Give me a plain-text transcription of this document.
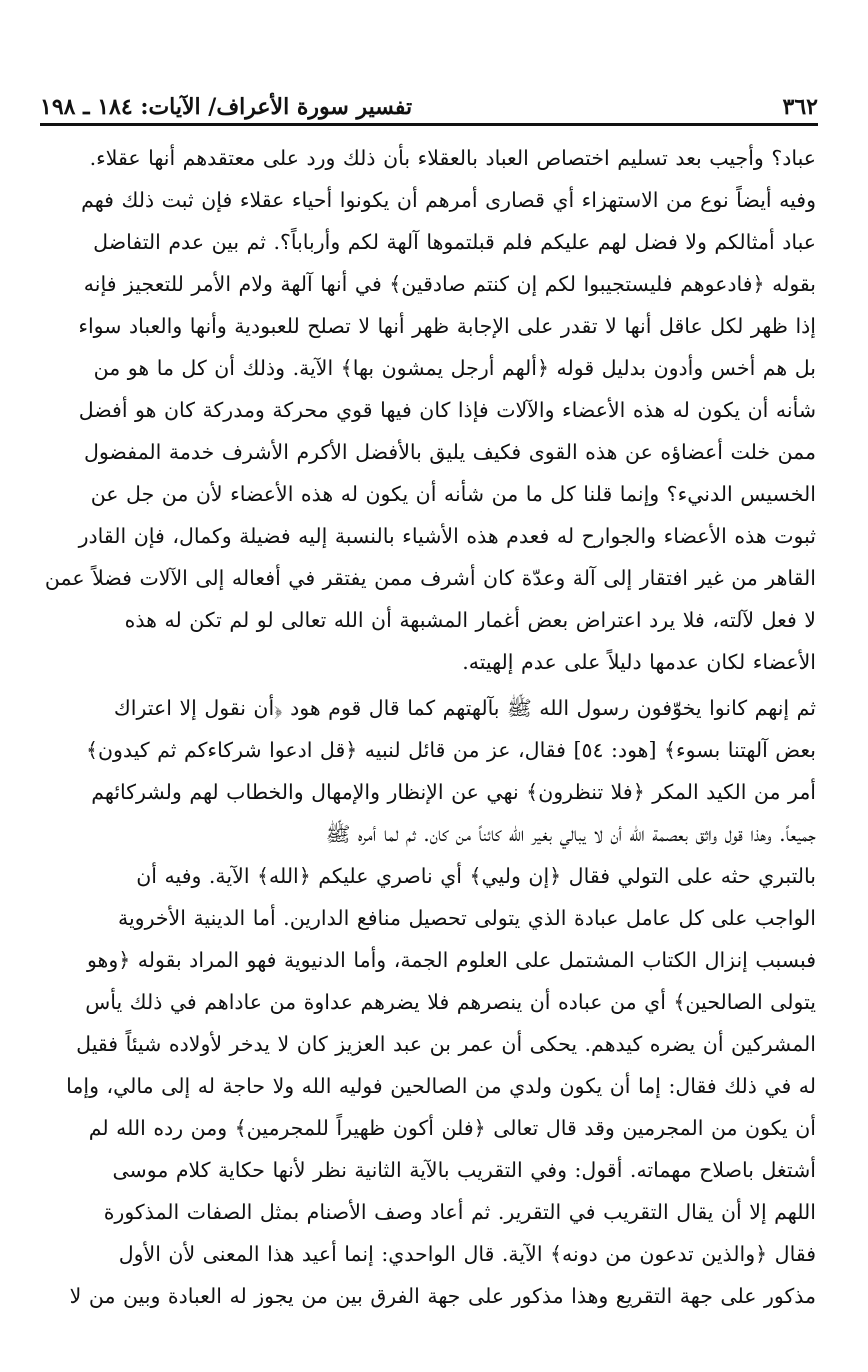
٣٦٢
تفسير سورة الأعراف/ الآيات: ١٨٤ ـ ١٩٨
عباد؟ وأجيب بعد تسليم اختصاص العباد بالعقلاء بأن ذلك ورد على معتقدهم أنها عقلاء.
وفيه أيضاً نوع من الاستهزاء أي قصارى أمرهم أن يكونوا أحياء عقلاء فإن ثبت ذلك فهم
عباد أمثالكم ولا فضل لهم عليكم فلم قبلتموها آلهة لكم وأرباباً؟. ثم بين عدم التفاضل
بقوله ﴿فادعوهم فليستجيبوا لكم إن كنتم صادقين﴾ في أنها آلهة ولام الأمر للتعجيز فإنه
إذا ظهر لكل عاقل أنها لا تقدر على الإجابة ظهر أنها لا تصلح للعبودية وأنها والعباد سواء
بل هم أخس وأدون بدليل قوله ﴿ألهم أرجل يمشون بها﴾ الآية. وذلك أن كل ما هو من
شأنه أن يكون له هذه الأعضاء والآلات فإذا كان فيها قوي محركة ومدركة كان هو أفضل
ممن خلت أعضاؤه عن هذه القوى فكيف يليق بالأفضل الأكرم الأشرف خدمة المفضول
الخسيس الدنيء؟ وإنما قلنا كل ما من شأنه أن يكون له هذه الأعضاء لأن من جل عن
ثبوت هذه الأعضاء والجوارح له فعدم هذه الأشياء بالنسبة إليه فضيلة وكمال، فإن القادر
القاهر من غير افتقار إلى آلة وعدّة كان أشرف ممن يفتقر في أفعاله إلى الآلات فضلاً عمن
لا فعل لآلته، فلا يرد اعتراض بعض أغمار المشبهة أن الله تعالى لو لم تكن له هذه
الأعضاء لكان عدمها دليلاً على عدم إلهيته.
ثم إنهم كانوا يخوّفون رسول الله ﷺ بآلهتهم كما قال قوم هود ﴿أن نقول إلا اعتراك
بعض آلهتنا بسوء﴾ [هود: ٥٤] فقال، عز من قائل لنبيه ﴿قل ادعوا شركاءكم ثم كيدون﴾
أمر من الكيد المكر ﴿فلا تنظرون﴾ نهي عن الإنظار والإمهال والخطاب لهم ولشركائهم
جميعاً. وهذا قول واثق بعصمة الله أن لا يبالي بغير الله كائناً من كان. ثم لما أمره ﷺ
بالتبري حثه على التولي فقال ﴿إن وليي﴾ أي ناصري عليكم ﴿الله﴾ الآية. وفيه أن
الواجب على كل عامل عبادة الذي يتولى تحصيل منافع الدارين. أما الدينية الأخروية
فبسبب إنزال الكتاب المشتمل على العلوم الجمة، وأما الدنيوية فهو المراد بقوله ﴿وهو
يتولى الصالحين﴾ أي من عباده أن ينصرهم فلا يضرهم عداوة من عاداهم في ذلك يأس
المشركين أن يضره كيدهم. يحكى أن عمر بن عبد العزيز كان لا يدخر لأولاده شيئاً فقيل
له في ذلك فقال: إما أن يكون ولدي من الصالحين فوليه الله ولا حاجة له إلى مالي، وإما
أن يكون من المجرمين وقد قال تعالى ﴿فلن أكون ظهيراً للمجرمين﴾ ومن رده الله لم
أشتغل باصلاح مهماته. أقول: وفي التقريب بالآية الثانية نظر لأنها حكاية كلام موسى
اللهم إلا أن يقال التقريب في التقرير. ثم أعاد وصف الأصنام بمثل الصفات المذكورة
فقال ﴿والذين تدعون من دونه﴾ الآية. قال الواحدي: إنما أعيد هذا المعنى لأن الأول
مذكور على جهة التقريع وهذا مذكور على جهة الفرق بين من يجوز له العبادة وبين من لا
